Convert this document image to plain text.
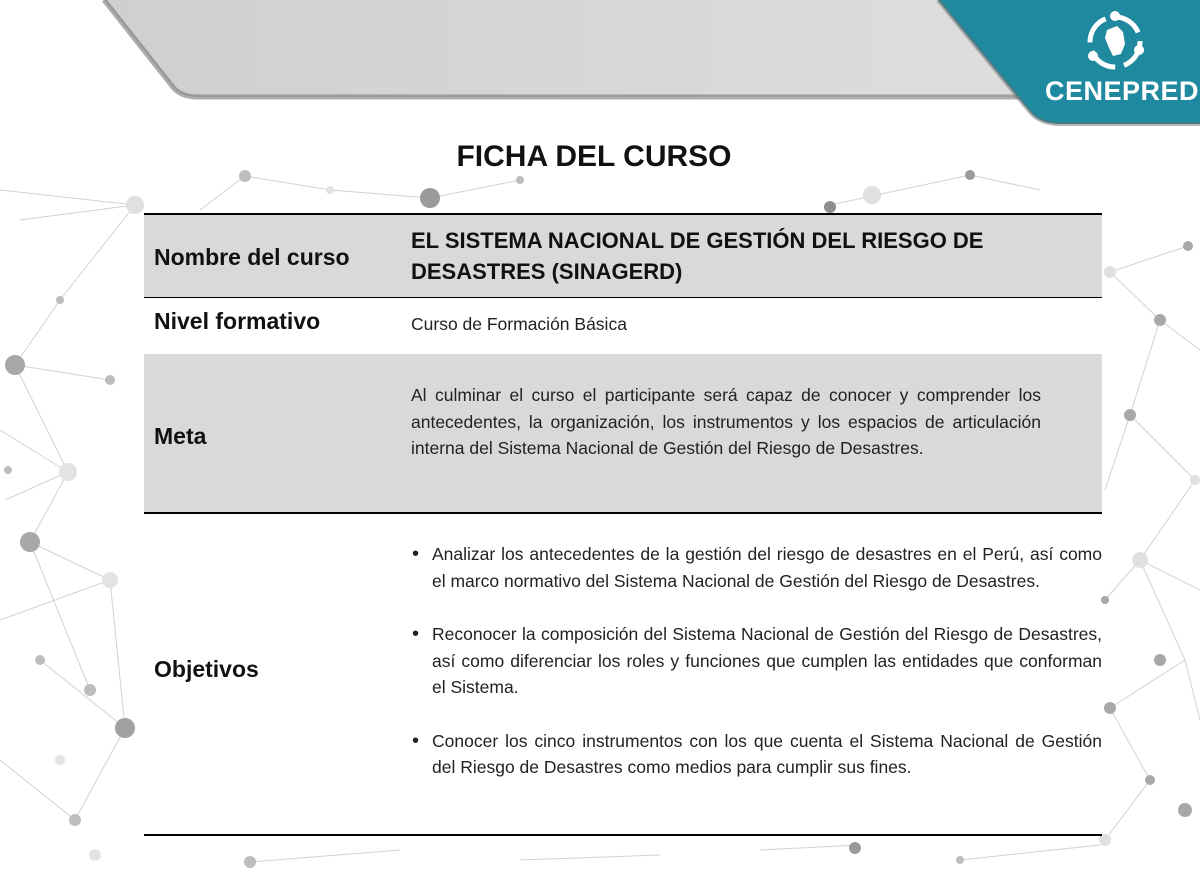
CENEPRED
FICHA DEL CURSO
Nombre del curso
EL SISTEMA NACIONAL DE GESTIÓN DEL RIESGO DE DESASTRES (SINAGERD)
Nivel formativo	Curso de Formación Básica
Meta
Al culminar el curso el participante será capaz de conocer y comprender los antecedentes, la organización, los instrumentos y los espacios de articulación interna del Sistema Nacional de Gestión del Riesgo de Desastres.
Objetivos
• Analizar los antecedentes de la gestión del riesgo de desastres en el Perú, así como el marco normativo del Sistema Nacional de Gestión del Riesgo de Desastres.
• Reconocer la composición del Sistema Nacional de Gestión del Riesgo de Desastres, así como diferenciar los roles y funciones que cumplen las entidades que conforman el Sistema.
• Conocer los cinco instrumentos con los que cuenta el Sistema Nacional de Gestión del Riesgo de Desastres como medios para cumplir sus fines.
